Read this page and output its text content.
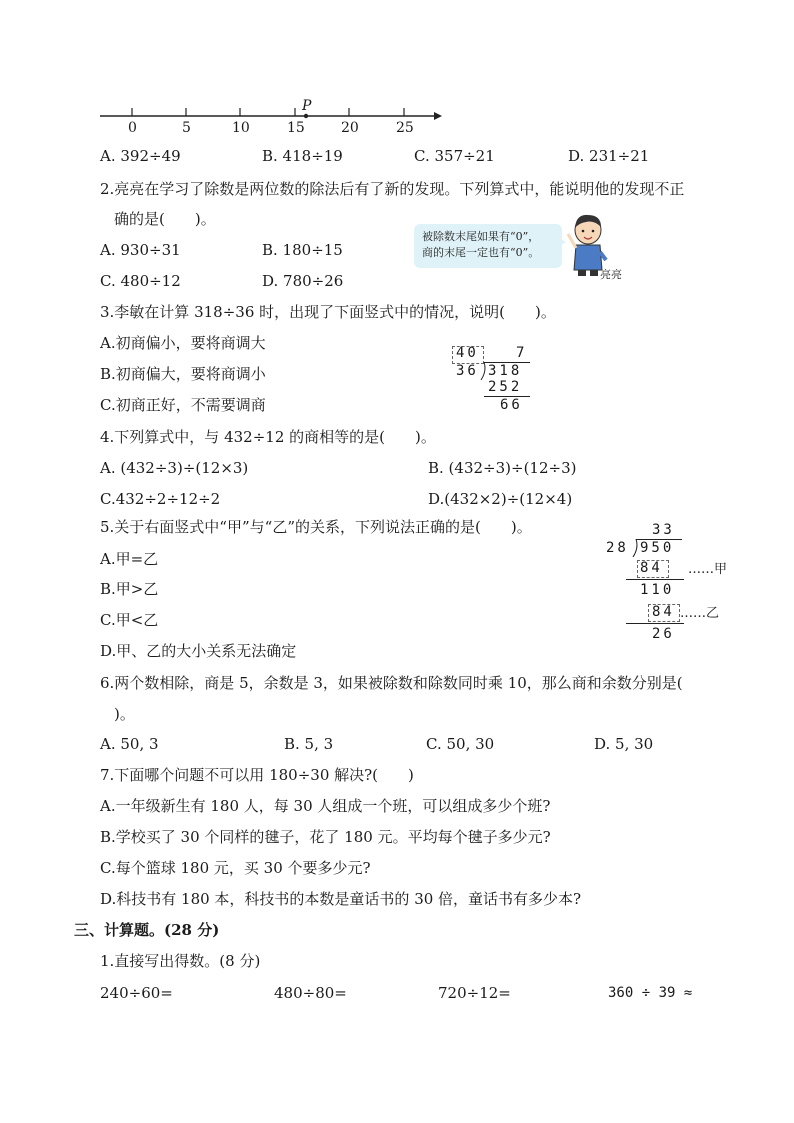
0	5	10	15	20	25
P
A. 392÷49	B. 418÷19	C. 357÷21	D. 231÷21
2.亮亮在学习了除数是两位数的除法后有了新的发现。下列算式中，能说明他的发现不正
确的是(　　)。
A. 930÷31	B. 180÷15
C. 480÷12	D. 780÷26
被除数末尾如果有“0”，
商的末尾一定也有“0”。
亮亮
3.李敏在计算 318÷36 时，出现了下面竖式中的情况，说明(　　)。
A.初商偏小，要将商调大
B.初商偏大，要将商调小
C.初商正好，不需要调商
40	7
36 318
252
66
4.下列算式中，与 432÷12 的商相等的是(　　)。
A. (432÷3)÷(12×3)	B. (432÷3)÷(12÷3)
C.432÷2÷12÷2	D.(432×2)÷(12×4)
5.关于右面竖式中“甲”与“乙”的关系，下列说法正确的是(　　)。
A.甲=乙
B.甲>乙
C.甲<乙
D.甲、乙的大小关系无法确定
33
28 950
84 ……甲
110
84 ……乙
26
6.两个数相除，商是 5，余数是 3，如果被除数和除数同时乘 10，那么商和余数分别是(
)。
A. 50, 3	B. 5, 3	C. 50, 30	D. 5, 30
7.下面哪个问题不可以用 180÷30 解决?(　　)
A.一年级新生有 180 人，每 30 人组成一个班，可以组成多少个班?
B.学校买了 30 个同样的毽子，花了 180 元。平均每个毽子多少元?
C.每个篮球 180 元，买 30 个要多少元?
D.科技书有 180 本，科技书的本数是童话书的 30 倍，童话书有多少本?
三、计算题。(28 分)
1.直接写出得数。(8 分)
240÷60=	480÷80=	720÷12=	360 ÷ 39 ≈
